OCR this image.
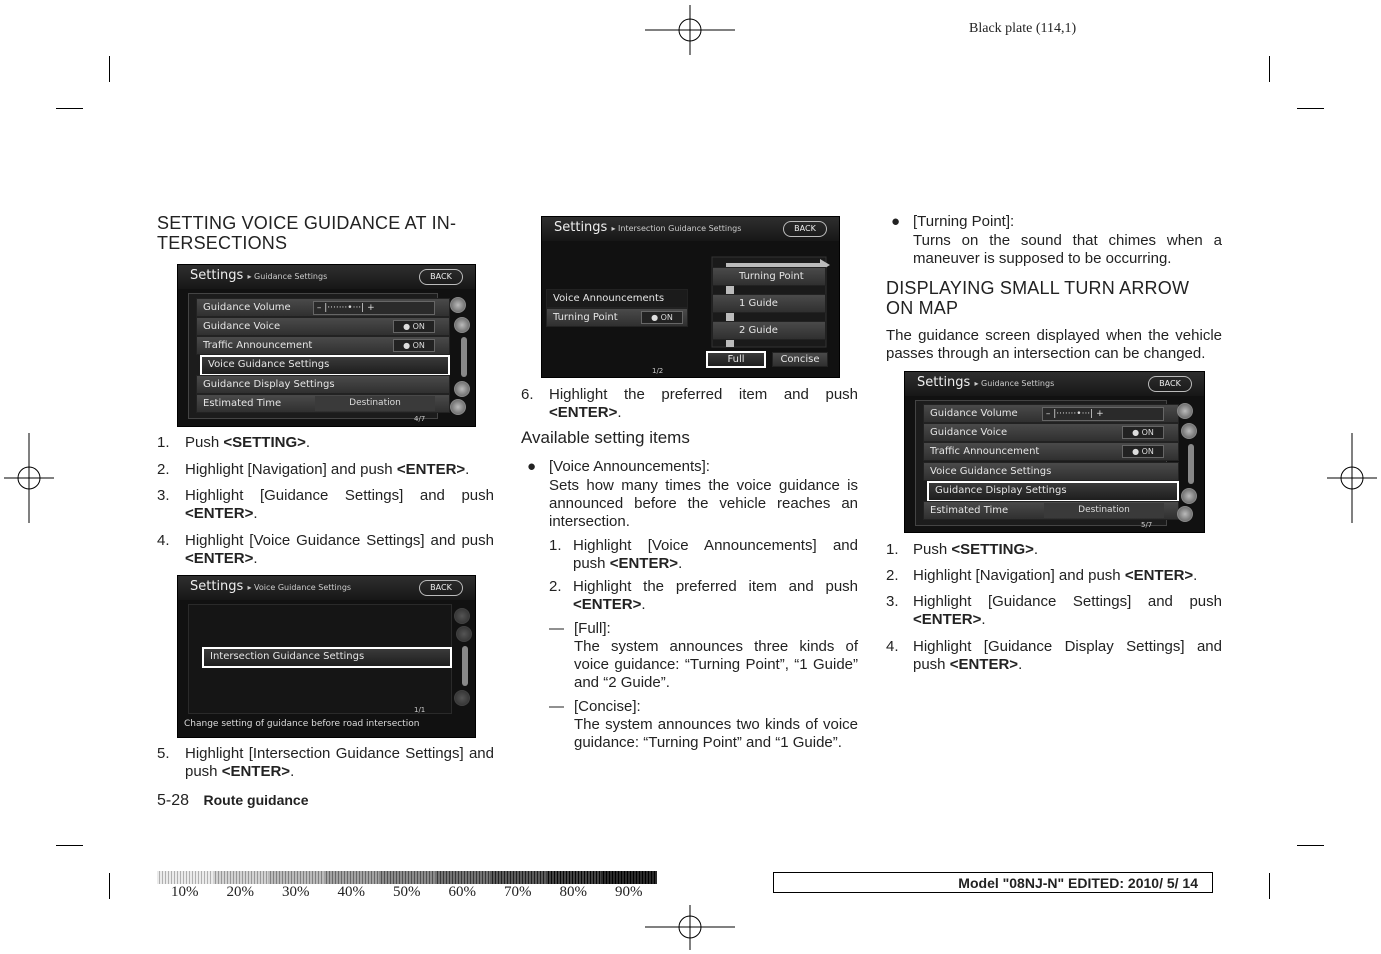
Black plate (114,1)
SETTING VOICE GUIDANCE AT IN-
TERSECTIONS
Settings ▸ Guidance Settings	BACK
Guidance Volume	– |·······•···| +
Guidance Voice	● ON
Traffic Announcement	● ON
Voice Guidance Settings
Guidance Display Settings
Estimated Time	Destination
4/7
1. Push <SETTING>.
2. Highlight [Navigation] and push <ENTER>.
3. Highlight [Guidance Settings] and push
<ENTER>.
4. Highlight [Voice Guidance Settings] and push <ENTER>.
Settings ▸ Voice Guidance Settings	BACK
Intersection Guidance Settings
1/1
Change setting of guidance before road intersection
5. Highlight [Intersection Guidance Settings] and push <ENTER>.
5-28 Route guidance
Settings ▸ Intersection Guidance Settings	BACK
Voice Announcements
Turning Point	● ON
Turning Point
1 Guide
2 Guide
Full	Concise
1/2
6. Highlight the preferred item and push
<ENTER>.
Available setting items
● [Voice Announcements]:
Sets how many times the voice guidance is announced before the vehicle reaches an intersection.
1. Highlight [Voice Announcements] and push <ENTER>.
2. Highlight the preferred item and push
<ENTER>.
— [Full]:
The system announces three kinds of voice guidance: “Turning Point”, “1 Guide” and “2 Guide”.
— [Concise]:
The system announces two kinds of voice guidance: “Turning Point” and “1 Guide”.
● [Turning Point]:
Turns on the sound that chimes when a maneuver is supposed to be occurring.
DISPLAYING SMALL TURN ARROW
ON MAP
The guidance screen displayed when the vehicle passes through an intersection can be changed.
Settings ▸ Guidance Settings	BACK
Guidance Volume	– |·······•···| +
Guidance Voice	● ON
Traffic Announcement	● ON
Voice Guidance Settings
Guidance Display Settings
Estimated Time	Destination
5/7
1. Push <SETTING>.
2. Highlight [Navigation] and push <ENTER>.
3. Highlight [Guidance Settings] and push
<ENTER>.
4. Highlight [Guidance Display Settings] and push <ENTER>.
10% 20% 30% 40% 50% 60% 70% 80% 90%
Model "08NJ-N" EDITED: 2010/ 5/ 14
